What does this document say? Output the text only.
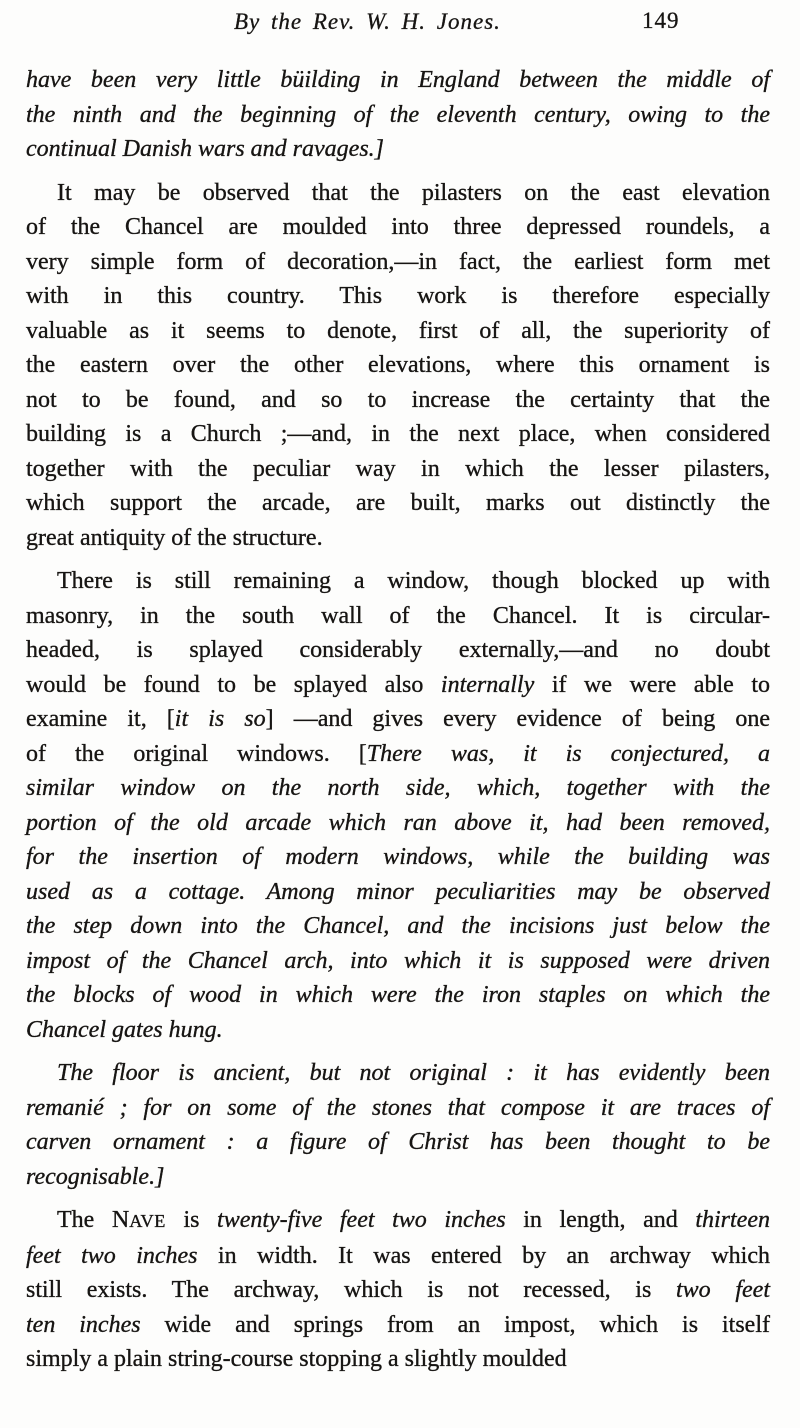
By the Rev. W. H. Jones.	149
have been very little büilding in England between the middle of
the ninth and the beginning of the eleventh century, owing to the
continual Danish wars and ravages.]
It may be observed that the pilasters on the east elevation
of the Chancel are moulded into three depressed roundels, a
very simple form of decoration,—in fact, the earliest form met
with in this country. This work is therefore especially
valuable as it seems to denote, first of all, the superiority of
the eastern over the other elevations, where this ornament is
not to be found, and so to increase the certainty that the
building is a Church ;—and, in the next place, when considered
together with the peculiar way in which the lesser pilasters,
which support the arcade, are built, marks out distinctly the
great antiquity of the structure.
There is still remaining a window, though blocked up with
masonry, in the south wall of the Chancel. It is circular-
headed, is splayed considerably externally,—and no doubt
would be found to be splayed also internally if we were able to
examine it, [it is so] —and gives every evidence of being one
of the original windows. [There was, it is conjectured, a
similar window on the north side, which, together with the
portion of the old arcade which ran above it, had been removed,
for the insertion of modern windows, while the building was
used as a cottage. Among minor peculiarities may be observed
the step down into the Chancel, and the incisions just below the
impost of the Chancel arch, into which it is supposed were driven
the blocks of wood in which were the iron staples on which the
Chancel gates hung.
The floor is ancient, but not original : it has evidently been
remanié ; for on some of the stones that compose it are traces of
carven ornament : a figure of Christ has been thought to be
recognisable.]
The NAVE is twenty-five feet two inches in length, and thirteen
feet two inches in width. It was entered by an archway which
still exists. The archway, which is not recessed, is two feet
ten inches wide and springs from an impost, which is itself
simply a plain string-course stopping a slightly moulded
